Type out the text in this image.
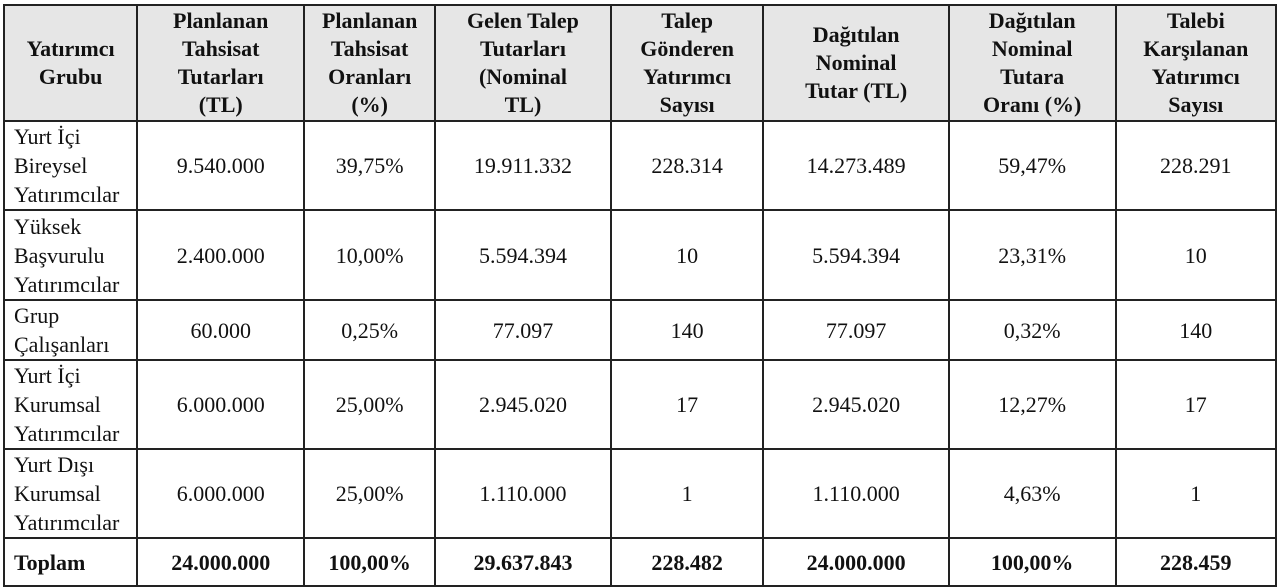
Yatırımcı
Grubu	Planlanan
Tahsisat
Tutarları
(TL)	Planlanan
Tahsisat
Oranları
(%)	Gelen Talep
Tutarları
(Nominal
TL)	Talep
Gönderen
Yatırımcı
Sayısı	Dağıtılan
Nominal
Tutar (TL)	Dağıtılan
Nominal
Tutara
Oranı (%)	Talebi
Karşılanan
Yatırımcı
Sayısı

Yurt İçi
Bireysel
Yatırımcılar	9.540.000	39,75%	19.911.332	228.314	14.273.489	59,47%	228.291

Yüksek
Başvurulu
Yatırımcılar	2.400.000	10,00%	5.594.394	10	5.594.394	23,31%	10

Grup
Çalışanları	60.000	0,25%	77.097	140	77.097	0,32%	140

Yurt İçi
Kurumsal
Yatırımcılar	6.000.000	25,00%	2.945.020	17	2.945.020	12,27%	17

Yurt Dışı
Kurumsal
Yatırımcılar	6.000.000	25,00%	1.110.000	1	1.110.000	4,63%	1
Toplam	24.000.000	100,00%	29.637.843	228.482	24.000.000	100,00%	228.459
